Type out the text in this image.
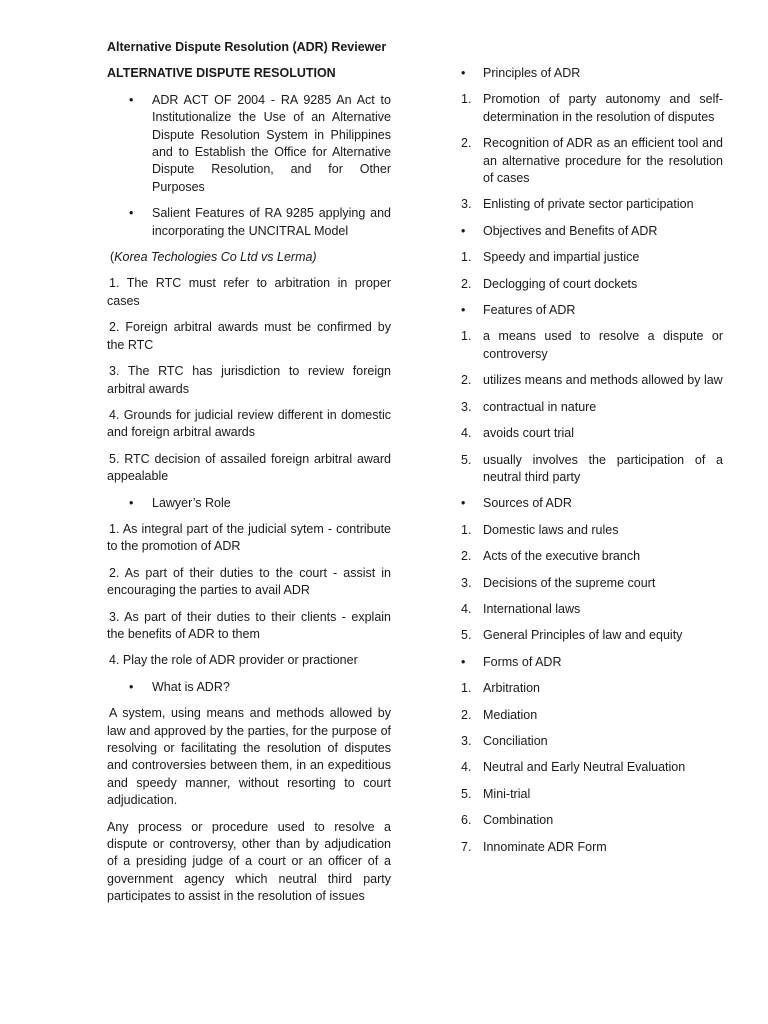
Alternative Dispute Resolution (ADR) Reviewer

ALTERNATIVE DISPUTE RESOLUTION

• ADR ACT OF 2004 - RA 9285 An Act to Institutionalize the Use of an Alternative Dispute Resolution System in Philippines and to Establish the Office for Alternative Dispute Resolution, and for Other Purposes
• Salient Features of RA 9285 applying and incorporating the UNCITRAL Model

(Korea Techologies Co Ltd vs Lerma)

1. The RTC must refer to arbitration in proper cases

2. Foreign arbitral awards must be confirmed by the RTC

3. The RTC has jurisdiction to review foreign arbitral awards

4. Grounds for judicial review different in domestic and foreign arbitral awards

5. RTC decision of assailed foreign arbitral award appealable

• Lawyer’s Role

1. As integral part of the judicial sytem - contribute to the promotion of ADR

2. As part of their duties to the court - assist in encouraging the parties to avail ADR

3. As part of their duties to their clients - explain the benefits of ADR to them

4. Play the role of ADR provider or practioner

• What is ADR?

A system, using means and methods allowed by law and approved by the parties, for the purpose of resolving or facilitating the resolution of disputes and controversies between them, in an expeditious and speedy manner, without resorting to court adjudication.

Any process or procedure used to resolve a dispute or controversy, other than by adjudication of a presiding judge of a court or an officer of a government agency which neutral third party participates to assist in the resolution of issues

• Principles of ADR
1. Promotion of party autonomy and self-determination in the resolution of disputes
2. Recognition of ADR as an efficient tool and an alternative procedure for the resolution of cases
3. Enlisting of private sector participation
• Objectives and Benefits of ADR
1. Speedy and impartial justice
2. Declogging of court dockets
• Features of ADR
1. a means used to resolve a dispute or controversy
2. utilizes means and methods allowed by law
3. contractual in nature
4. avoids court trial
5. usually involves the participation of a neutral third party
• Sources of ADR
1. Domestic laws and rules
2. Acts of the executive branch
3. Decisions of the supreme court
4. International laws
5. General Principles of law and equity
• Forms of ADR
1. Arbitration
2. Mediation
3. Conciliation
4. Neutral and Early Neutral Evaluation
5. Mini-trial
6. Combination
7. Innominate ADR Form
